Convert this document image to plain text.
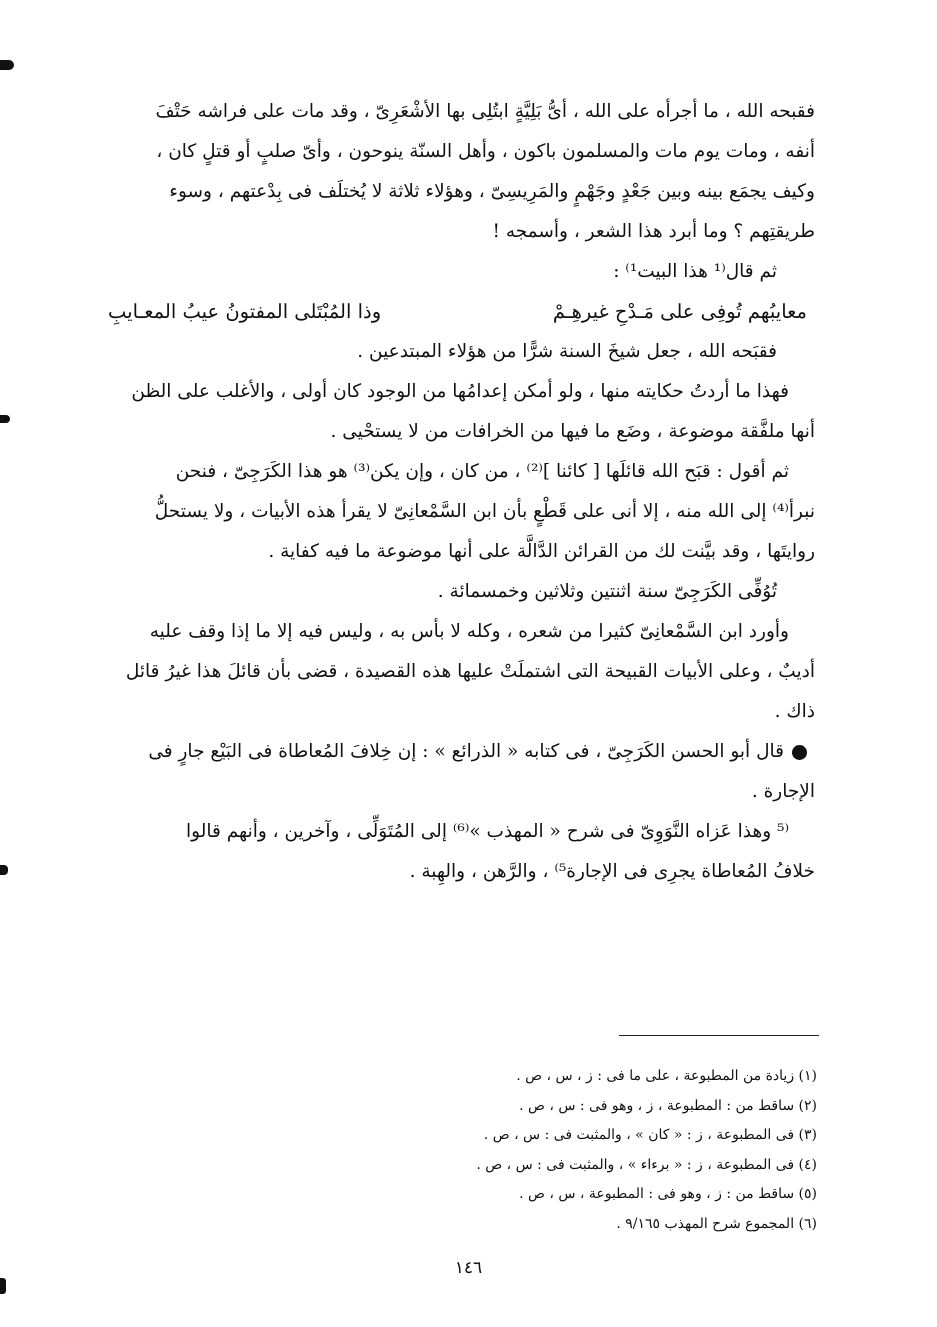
فقبحه الله ، ما أجرأه على الله ، أىُّ بَلِيَّةٍ ابتُلِى بها الأشْعَرِىّ ، وقد مات على فراشه حَتْفَ
أنفه ، ومات يوم مات والمسلمون باكون ، وأهل السنّة ينوحون ، وأىّ صلبٍ أو قتلٍ كان ،
وكيف يجمَع بينه وبين جَعْدٍ وجَهْمٍ والمَرِيسِىّ ، وهؤلاء ثلاثة لا يُختلَف فى بِدْعتهم ، وسوء
طريقتِهم ؟ وما أبرد هذا الشعر ، وأسمجه !
ثم قال⁽¹ هذا البيت¹⁾ :
معايبُهم تُوفِى على مَـدْحِ غيرهِـمْ
وذا المُبْتَلى المفتونُ عيبُ المعـايبِ
فقبَحه الله ، جعل شيخَ السنة شرًّا من هؤلاء المبتدعين .
فهذا ما أردتُ حكايته منها ، ولو أمكن إعدامُها من الوجود كان أولى ، والأغلب على الظن
أنها ملفَّقة موضوعة ، وضَع ما فيها من الخرافات من لا يستحْيى .
ثم أقول : قبَح الله قائلَها [ كائنا ]⁽²⁾ ، من كان ، وإن يكن⁽³⁾ هو هذا الكَرَجِىّ ، فنحن
نبرأ⁽⁴⁾ إلى الله منه ، إلا أنى على قَطْعٍ بأن ابن السَّمْعانِىّ لا يقرأ هذه الأبيات ، ولا يستحلُّ
روايتَها ، وقد بيَّنت لك من القرائن الدَّالَّة على أنها موضوعة ما فيه كفاية .
تُوُفِّى الكَرَجِىّ سنة اثنتين وثلاثين وخمسمائة .
وأورد ابن السَّمْعانِىّ كثيرا من شعره ، وكله لا بأس به ، وليس فيه إلا ما إذا وقف عليه
أديبٌ ، وعلى الأبيات القبيحة التى اشتملَتْ عليها هذه القصيدة ، قضى بأن قائلَ هذا غيرُ قائل
ذاك .
قال أبو الحسن الكَرَجِىّ ، فى كتابه « الذرائع » : إن خِلافَ المُعاطاة فى البَيْع جارٍ فى
الإجارة .
⁽⁵ وهذا عَزاه النَّوَوِىّ فى شرح « المهذب »⁽⁶⁾ إلى المُتَوَلِّى ، وآخرين ، وأنهم قالوا
خلافُ المُعاطاة يجرِى فى الإجارة⁵⁾ ، والرَّهن ، والهِبة .
(١) زيادة من المطبوعة ، على ما فى : ز ، س ، ص .
(٢) ساقط من : المطبوعة ، ز ، وهو فى : س ، ص .
(٣) فى المطبوعة ، ز : « كان » ، والمثبت فى : س ، ص .
(٤) فى المطبوعة ، ز : « برءاء » ، والمثبت فى : س ، ص .
(٥) ساقط من : ز ، وهو فى : المطبوعة ، س ، ص .
(٦) المجموع شرح المهذب ٩/١٦٥ .
١٤٦
